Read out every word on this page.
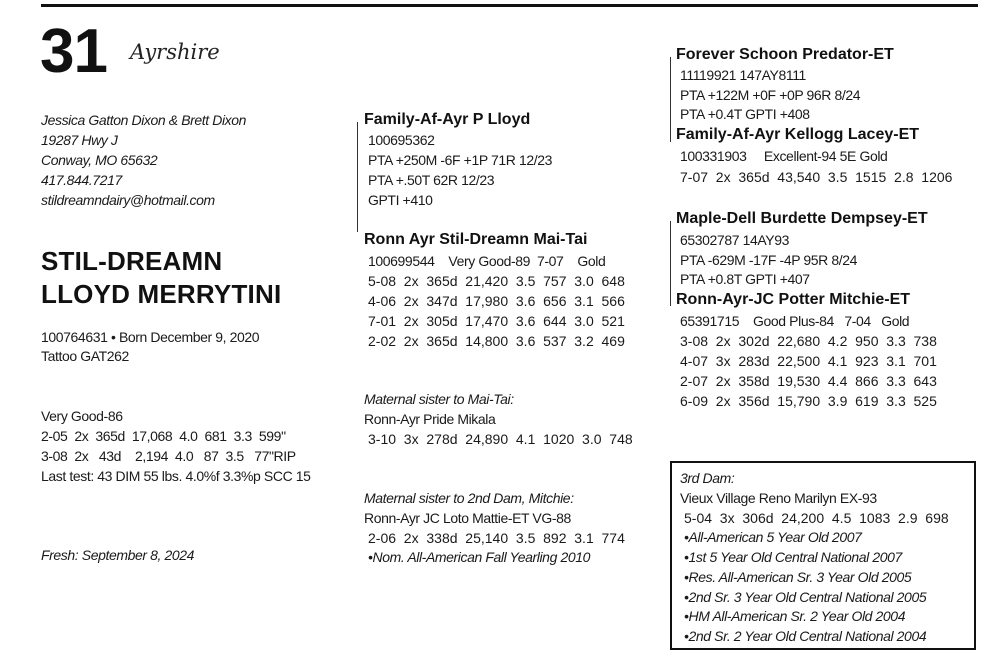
31 Ayrshire
Jessica Gatton Dixon & Brett Dixon
19287 Hwy J
Conway, MO 65632
417.844.7217
stildreamndairy@hotmail.com
STIL-DREAMN
LLOYD MERRYTINI
100764631 • Born December 9, 2020
Tattoo GAT262
Very Good-86
2-05  2x  365d  17,068  4.0  681  3.3  599"
3-08  2x   43d    2,194  4.0   87  3.5   77"RIP
Last test: 43 DIM 55 lbs. 4.0%f 3.3%p SCC 15
Fresh: September 8, 2024
Family-Af-Ayr P Lloyd
100695362
PTA +250M -6F +1P 71R 12/23
PTA +.50T 62R 12/23
GPTI +410
Ronn Ayr Stil-Dreamn Mai-Tai
100699544    Very Good-89  7-07    Gold
5-08  2x  365d  21,420  3.5  757  3.0  648
4-06  2x  347d  17,980  3.6  656  3.1  566
7-01  2x  305d  17,470  3.6  644  3.0  521
2-02  2x  365d  14,800  3.6  537  3.2  469
Maternal sister to Mai-Tai:
Ronn-Ayr Pride Mikala
3-10  3x  278d  24,890  4.1  1020  3.0  748
Maternal sister to 2nd Dam, Mitchie:
Ronn-Ayr JC Loto Mattie-ET VG-88
2-06  2x  338d  25,140  3.5  892  3.1  774
•Nom. All-American Fall Yearling 2010
Forever Schoon Predator-ET
11119921 147AY8111
PTA +122M +0F +0P 96R 8/24
PTA +0.4T GPTI +408
Family-Af-Ayr Kellogg Lacey-ET
100331903     Excellent-94 5E Gold
7-07  2x  365d  43,540  3.5  1515  2.8  1206
Maple-Dell Burdette Dempsey-ET
65302787 14AY93
PTA -629M -17F -4P 95R 8/24
PTA +0.8T GPTI +407
Ronn-Ayr-JC Potter Mitchie-ET
65391715    Good Plus-84   7-04   Gold
3-08  2x  302d  22,680  4.2  950  3.3  738
4-07  3x  283d  22,500  4.1  923  3.1  701
2-07  2x  358d  19,530  4.4  866  3.3  643
6-09  2x  356d  15,790  3.9  619  3.3  525
3rd Dam:
Vieux Village Reno Marilyn EX-93
5-04  3x  306d  24,200  4.5  1083  2.9  698
•All-American 5 Year Old 2007
•1st 5 Year Old Central National 2007
•Res. All-American Sr. 3 Year Old 2005
•2nd Sr. 3 Year Old Central National 2005
•HM All-American Sr. 2 Year Old 2004
•2nd Sr. 2 Year Old Central National 2004
